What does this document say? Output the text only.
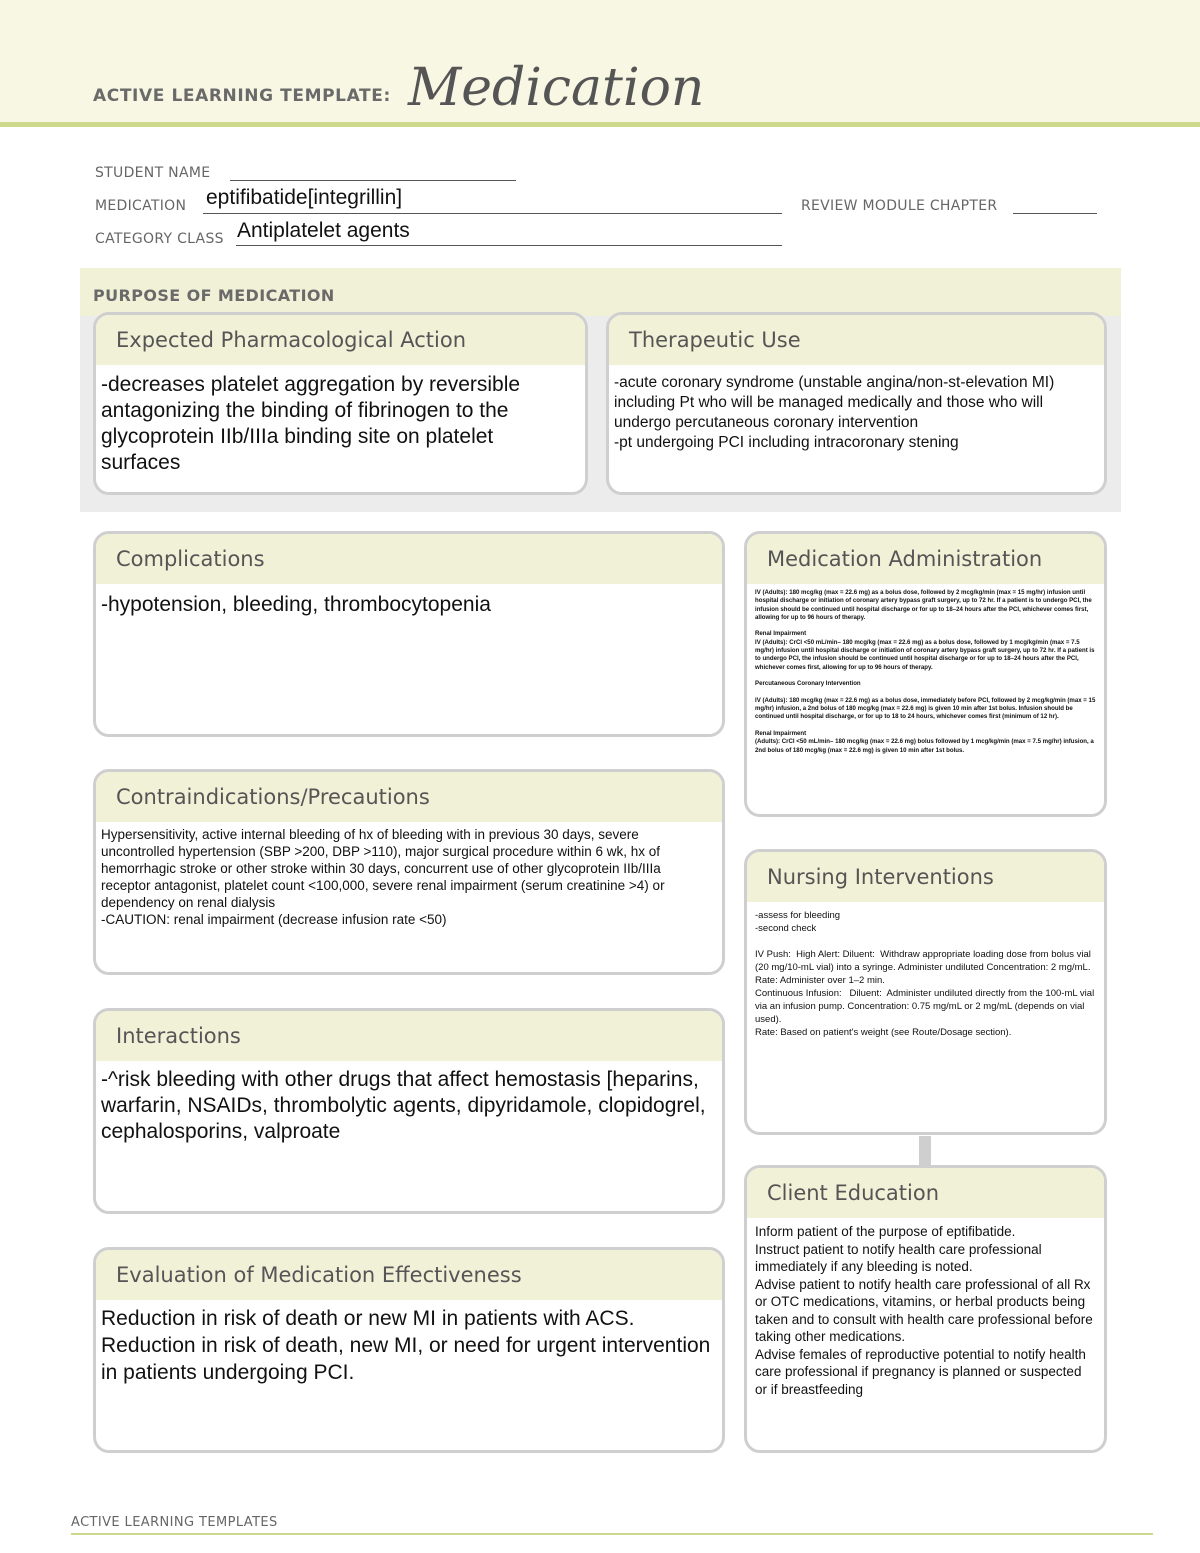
ACTIVE LEARNING TEMPLATE: Medication
STUDENT NAME
MEDICATION eptifibatide[integrillin]	REVIEW MODULE CHAPTER
CATEGORY CLASS Antiplatelet agents
PURPOSE OF MEDICATION
Expected Pharmacological Action
-decreases platelet aggregation by reversible antagonizing the binding of fibrinogen to the glycoprotein IIb/IIIa binding site on platelet surfaces
Therapeutic Use
-acute coronary syndrome (unstable angina/non-st-elevation MI) including Pt who will be managed medically and those who will undergo percutaneous coronary intervention
-pt undergoing PCI including intracoronary stening
Complications
-hypotension, bleeding, thrombocytopenia
Contraindications/Precautions
Hypersensitivity, active internal bleeding of hx of bleeding with in previous 30 days, severe uncontrolled hypertension (SBP >200, DBP >110), major surgical procedure within 6 wk, hx of hemorrhagic stroke or other stroke within 30 days, concurrent use of other glycoprotein IIb/IIIa receptor antagonist, platelet count <100,000, severe renal impairment (serum creatinine >4) or dependency on renal dialysis
-CAUTION: renal impairment (decrease infusion rate <50)
Interactions
-^risk bleeding with other drugs that affect hemostasis [heparins, warfarin, NSAIDs, thrombolytic agents, dipyridamole, clopidogrel, cephalosporins, valproate
Evaluation of Medication Effectiveness
Reduction in risk of death or new MI in patients with ACS. Reduction in risk of death, new MI, or need for urgent intervention in patients undergoing PCI.
Medication Administration
IV (Adults): 180 mcg/kg (max = 22.6 mg) as a bolus dose, followed by 2 mcg/kg/min (max = 15 mg/hr) infusion until hospital discharge or initiation of coronary artery bypass graft surgery, up to 72 hr. If a patient is to undergo PCI, the infusion should be continued until hospital discharge or for up to 18–24 hours after the PCI, whichever comes first, allowing for up to 96 hours of therapy.

Renal Impairment
IV (Adults): CrCl <50 mL/min– 180 mcg/kg (max = 22.6 mg) as a bolus dose, followed by 1 mcg/kg/min (max = 7.5 mg/hr) infusion until hospital discharge or initiation of coronary artery bypass graft surgery, up to 72 hr. If a patient is to undergo PCI, the infusion should be continued until hospital discharge or for up to 18–24 hours after the PCI, whichever comes first, allowing for up to 96 hours of therapy.

Percutaneous Coronary Intervention

IV (Adults): 180 mcg/kg (max = 22.6 mg) as a bolus dose, immediately before PCI, followed by 2 mcg/kg/min (max = 15 mg/hr) infusion, a 2nd bolus of 180 mcg/kg (max = 22.6 mg) is given 10 min after 1st bolus. Infusion should be continued until hospital discharge, or for up to 18 to 24 hours, whichever comes first (minimum of 12 hr).

Renal Impairment
(Adults): CrCl <50 mL/min– 180 mcg/kg (max = 22.6 mg) bolus followed by 1 mcg/kg/min (max = 7.5 mg/hr) infusion, a 2nd bolus of 180 mcg/kg (max = 22.6 mg) is given 10 min after 1st bolus.
Nursing Interventions
-assess for bleeding
-second check

IV Push:  High Alert: Diluent:  Withdraw appropriate loading dose from bolus vial (20 mg/10-mL vial) into a syringe. Administer undiluted Concentration: 2 mg/mL.
Rate: Administer over 1–2 min.
Continuous Infusion:   Diluent:  Administer undiluted directly from the 100-mL vial via an infusion pump. Concentration: 0.75 mg/mL or 2 mg/mL (depends on vial used).
Rate: Based on patient's weight (see Route/Dosage section).
Client Education
Inform patient of the purpose of eptifibatide.
Instruct patient to notify health care professional immediately if any bleeding is noted.
Advise patient to notify health care professional of all Rx or OTC medications, vitamins, or herbal products being taken and to consult with health care professional before taking other medications.
Advise females of reproductive potential to notify health care professional if pregnancy is planned or suspected or if breastfeeding
ACTIVE LEARNING TEMPLATES
